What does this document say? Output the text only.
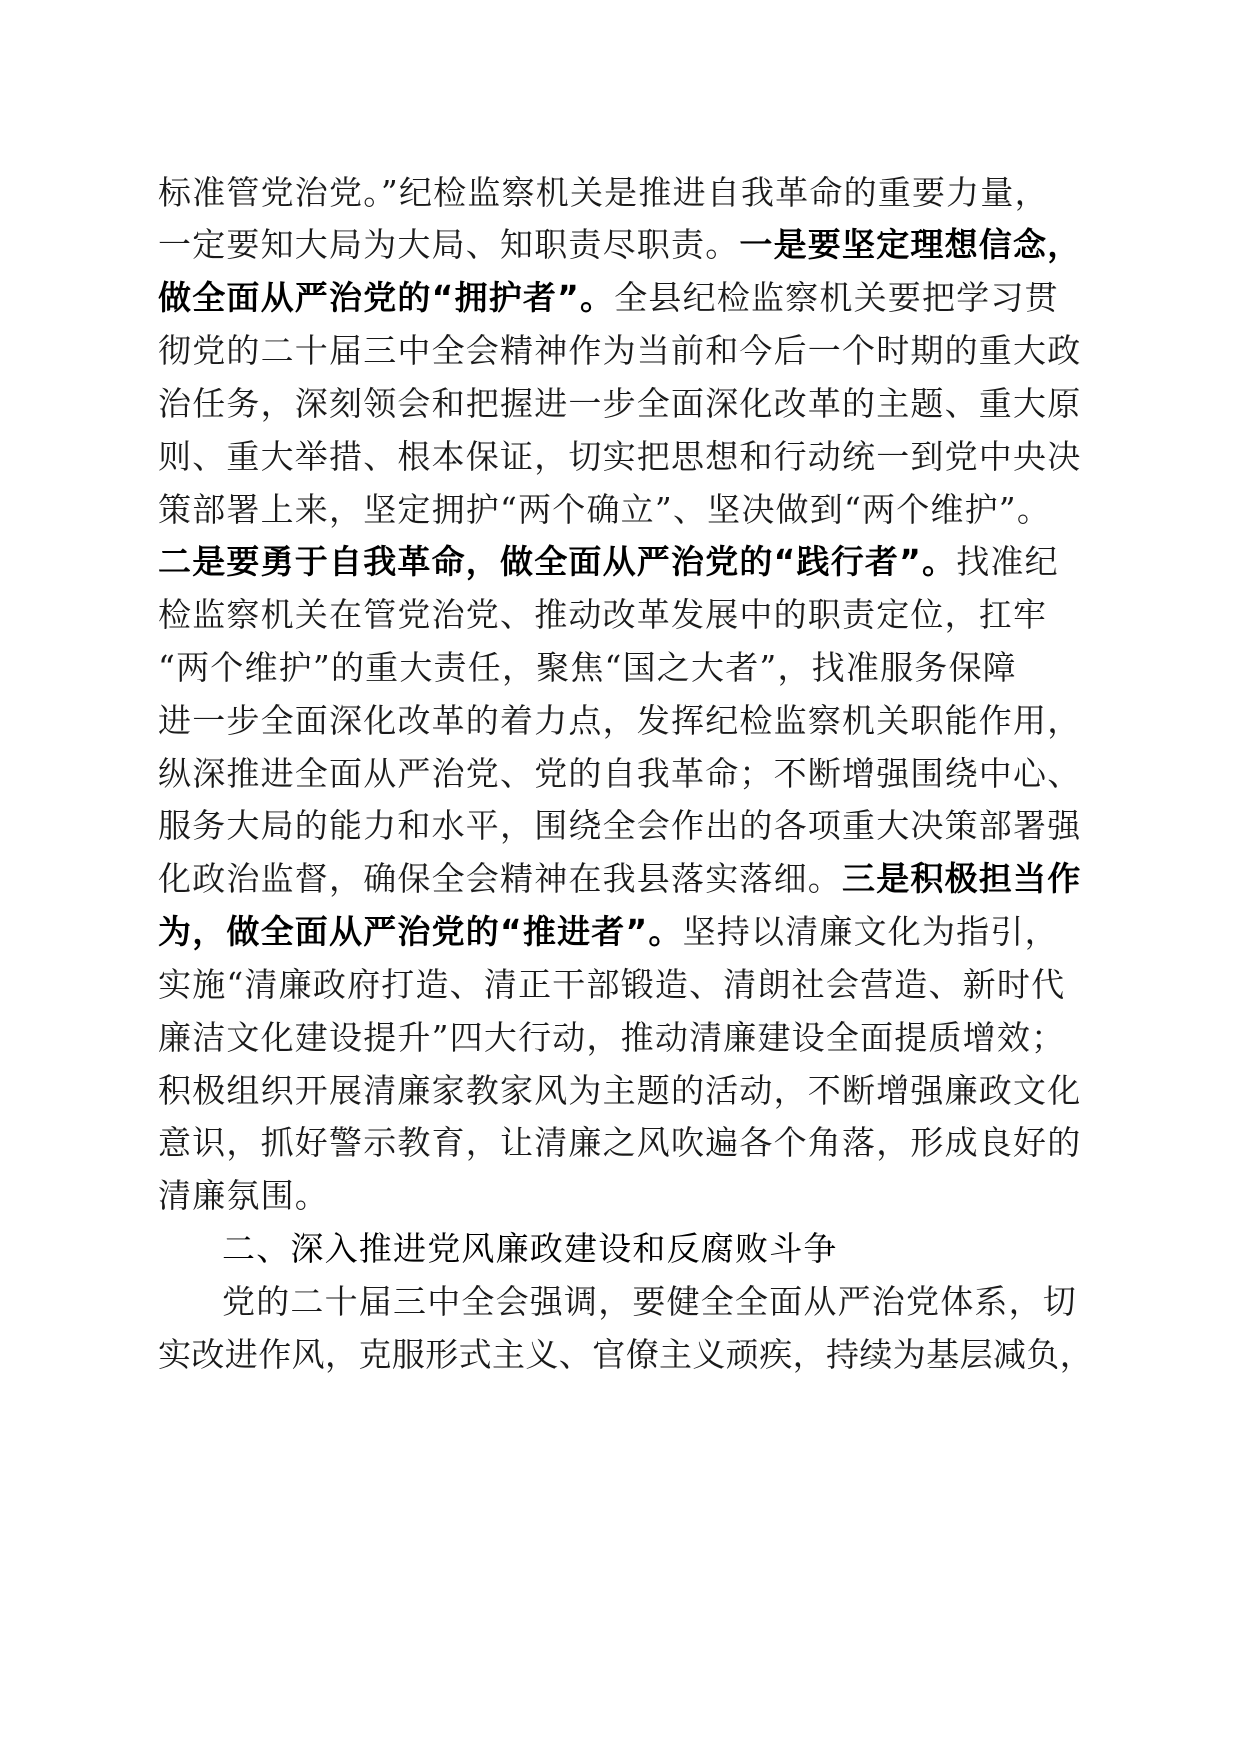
标准管党治党。”纪检监察机关是推进自我革命的重要力量，
一定要知大局为大局、知职责尽职责。一是要坚定理想信念，
做全面从严治党的“拥护者”。全县纪检监察机关要把学习贯
彻党的二十届三中全会精神作为当前和今后一个时期的重大政
治任务，深刻领会和把握进一步全面深化改革的主题、重大原
则、重大举措、根本保证，切实把思想和行动统一到党中央决
策部署上来，坚定拥护“两个确立”、坚决做到“两个维护”。
二是要勇于自我革命，做全面从严治党的“践行者”。找准纪
检监察机关在管党治党、推动改革发展中的职责定位，扛牢
“两个维护”的重大责任，聚焦“国之大者”，找准服务保障
进一步全面深化改革的着力点，发挥纪检监察机关职能作用，
纵深推进全面从严治党、党的自我革命；不断增强围绕中心、
服务大局的能力和水平，围绕全会作出的各项重大决策部署强
化政治监督，确保全会精神在我县落实落细。三是积极担当作
为，做全面从严治党的“推进者”。坚持以清廉文化为指引，
实施“清廉政府打造、清正干部锻造、清朗社会营造、新时代
廉洁文化建设提升”四大行动，推动清廉建设全面提质增效；
积极组织开展清廉家教家风为主题的活动，不断增强廉政文化
意识，抓好警示教育，让清廉之风吹遍各个角落，形成良好的
清廉氛围。
二、深入推进党风廉政建设和反腐败斗争
党的二十届三中全会强调，要健全全面从严治党体系，切
实改进作风，克服形式主义、官僚主义顽疾，持续为基层减负，
